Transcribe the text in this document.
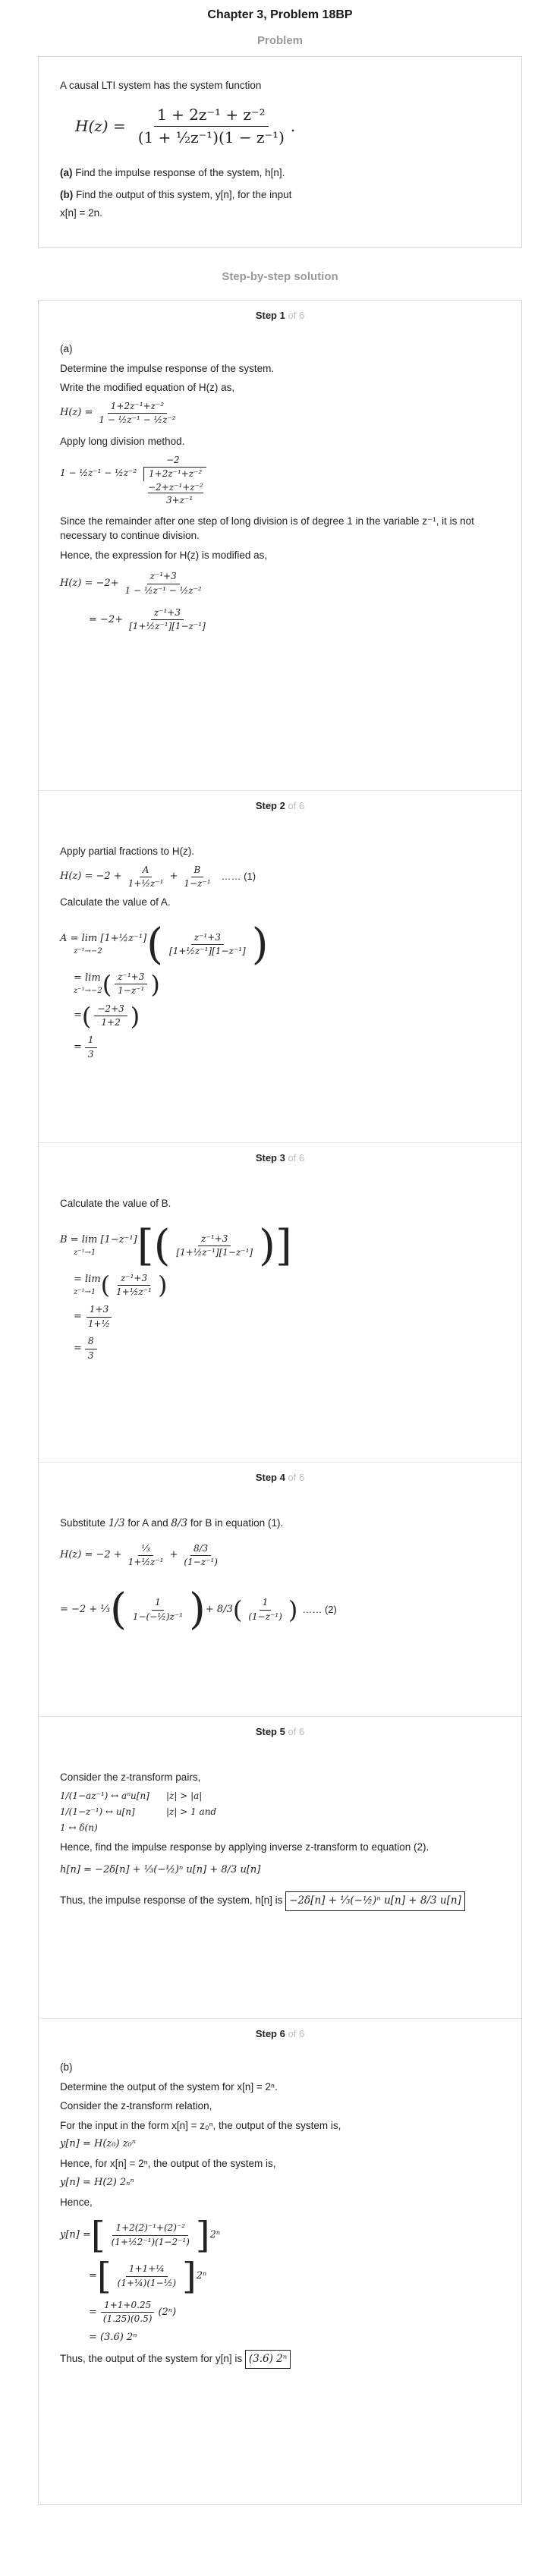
Chapter 3, Problem 18BP
Problem

A causal LTI system has the system function

$H(z) = \frac{\text{1 + 2z⁻¹ + z⁻²}}{\text{(1 + ½z⁻¹)(1 − z⁻¹)}}$ .

(a) Find the impulse response of the system, h[n].

(b) Find the output of this system, y[n], for the input

x[n] = 2n.

Step-by-step solution
Step 1 of 6

(a)

Determine the impulse response of the system.

Write the modified equation of H(z) as,

$H(z) = \frac{\text{1+2z⁻¹+z⁻²}}{\text{1 − ½z⁻¹ − ½z⁻²}}$

Apply long division method.

−2
1 − ½z⁻¹ − ½z⁻²	1+2z⁻¹+z⁻²
−2+z⁻¹+z⁻²
3+z⁻¹

Since the remainder after one step of long division is of degree 1 in the variable z⁻¹, it is not necessary to continue division.

Hence, the expression for H(z) is modified as,

$H(z) = -2+ \frac{\text{z⁻¹+3}}{\text{1 − ½z⁻¹ − ½z⁻²}}$
= $-2+ \frac{\text{z⁻¹+3}}{\text{[1+½z⁻¹][1−z⁻¹]}}$
Step 2 of 6

Apply partial fractions to H(z).

$H(z) = -2 + \frac{A}{\text{1+½z⁻¹}} + \frac{B}{\text{1−z⁻¹}}$ …… (1)

Calculate the value of A.

A = lim [1+½z⁻¹]
z⁻¹→−2 ( $\frac{\text{z⁻¹+3}}{\text{[1+½z⁻¹][1−z⁻¹]}}$ )
= lim
z⁻¹→−2 ( $\frac{\text{z⁻¹+3}}{\text{1−z⁻¹}}$ )
= ( $\frac{-2+3}{1+2}$ )
= $\frac{1}{3}$
Step 3 of 6

Calculate the value of B.

B = lim [1−z⁻¹]
z⁻¹→1 [( $\frac{\text{z⁻¹+3}}{\text{[1+½z⁻¹][1−z⁻¹]}}$ )]
= lim
z⁻¹→1 ( $\frac{\text{z⁻¹+3}}{\text{1+½z⁻¹}}$ )
= $\frac{1+3}{\text{1+½}}$
= $\frac{8}{3}$
Step 4 of 6

Substitute 1/3 for A and 8/3 for B in equation (1).

$H(z) = -2 + \frac{\text{⅓}}{\text{1+½z⁻¹}} + \frac{8/3}{\text{(1−z⁻¹)}}$
= −2 + ⅓ ( $\frac{1}{\text{1−(−½)z⁻¹}}$ ) + 8/3 ( $\frac{1}{\text{(1−z⁻¹)}}$ ) …… (2)
Step 5 of 6

Consider the z-transform pairs,

1/(1−az⁻¹) ↔ aⁿu[n]	|z| > |a|
1/(1−z⁻¹) ↔ u[n]	|z| > 1 and
1 ↔ δ(n)

Hence, find the impulse response by applying inverse z-transform to equation (2).

h[n] = −2δ[n] + ⅓(−½)ⁿ u[n] + 8/3 u[n]

Thus, the impulse response of the system, h[n] is −2δ[n] + ⅓(−½)ⁿ u[n] + 8/3 u[n]

Step 6 of 6

(b)

Determine the output of the system for x[n] = 2ⁿ.

Consider the z-transform relation,

For the input in the form x[n] = z₀ⁿ, the output of the system is,

y[n] = H(z₀) z₀ⁿ

Hence, for x[n] = 2ⁿ, the output of the system is,

y[n] = H(2) 2ₙⁿ

Hence,

y[n] = [ $\frac{\text{1+2(2)⁻¹+(2)⁻²}}{\text{(1+½2⁻¹)(1−2⁻¹)}}$ ] 2ⁿ
= [ $\frac{\text{1+1+¼}}{\text{(1+¼)(1−½)}}$ ] 2ⁿ
= $\frac{1+1+0.25}{(1.25)(0.5)} (2^n)$
= (3.6) 2ⁿ

Thus, the output of the system for y[n] is (3.6) 2ⁿ
